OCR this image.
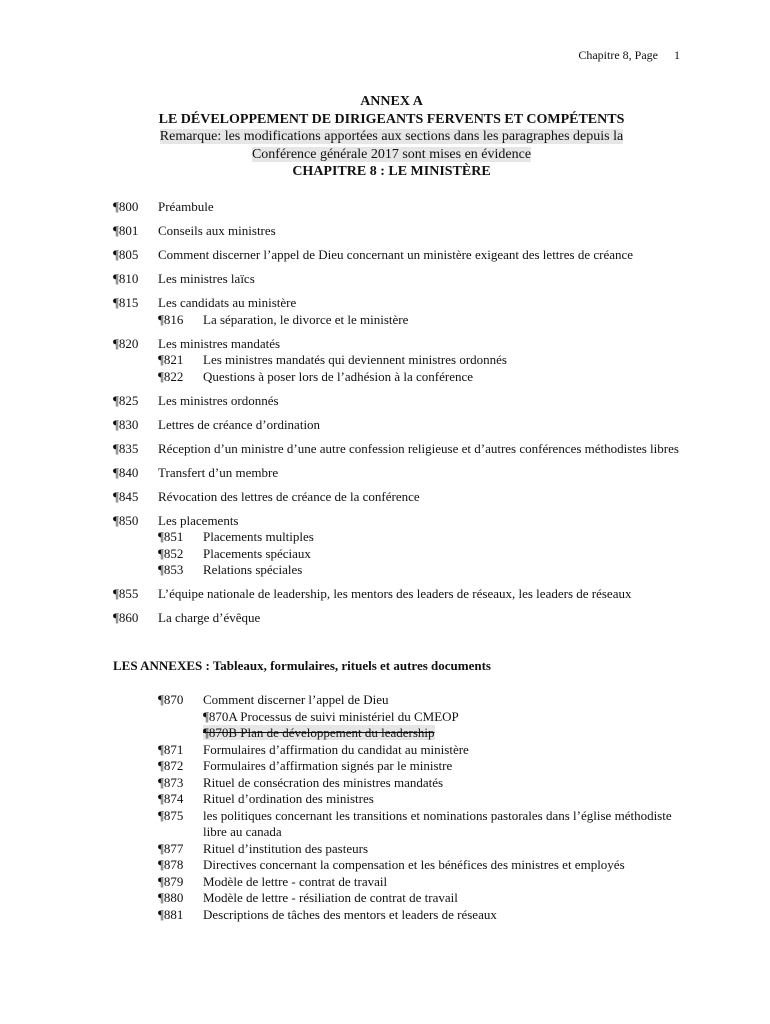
Chapitre 8, Page 1
ANNEX A
LE DÉVELOPPEMENT DE DIRIGEANTS FERVENTS ET COMPÉTENTS
Remarque: les modifications apportées aux sections dans les paragraphes depuis la
Conférence générale 2017 sont mises en évidence
CHAPITRE 8 : LE MINISTÈRE
¶800	Préambule
¶801	Conseils aux ministres
¶805	Comment discerner l’appel de Dieu concernant un ministère exigeant des lettres de créance
¶810	Les ministres laïcs
¶815	Les candidats au ministère
¶816	La séparation, le divorce et le ministère
¶820	Les ministres mandatés
¶821	Les ministres mandatés qui deviennent ministres ordonnés
¶822	Questions à poser lors de l’adhésion à la conférence
¶825	Les ministres ordonnés
¶830	Lettres de créance d’ordination
¶835	Réception d’un ministre d’une autre confession religieuse et d’autres conférences méthodistes libres
¶840	Transfert d’un membre
¶845	Révocation des lettres de créance de la conférence
¶850	Les placements
¶851	Placements multiples
¶852	Placements spéciaux
¶853	Relations spéciales
¶855	L’équipe nationale de leadership, les mentors des leaders de réseaux, les leaders de réseaux
¶860	La charge d’évêque
LES ANNEXES : Tableaux, formulaires, rituels et autres documents
¶870	Comment discerner l’appel de Dieu
¶870A Processus de suivi ministériel du CMEOP
¶870B Plan de développement du leadership
¶871	Formulaires d’affirmation du candidat au ministère
¶872	Formulaires d’affirmation signés par le ministre
¶873	Rituel de consécration des ministres mandatés
¶874	Rituel d’ordination des ministres
¶875	les politiques concernant les transitions et nominations pastorales dans l’église méthodiste libre au canada
¶877	Rituel d’institution des pasteurs
¶878	Directives concernant la compensation et les bénéfices des ministres et employés
¶879	Modèle de lettre - contrat de travail
¶880	Modèle de lettre - résiliation de contrat de travail
¶881	Descriptions de tâches des mentors et leaders de réseaux
